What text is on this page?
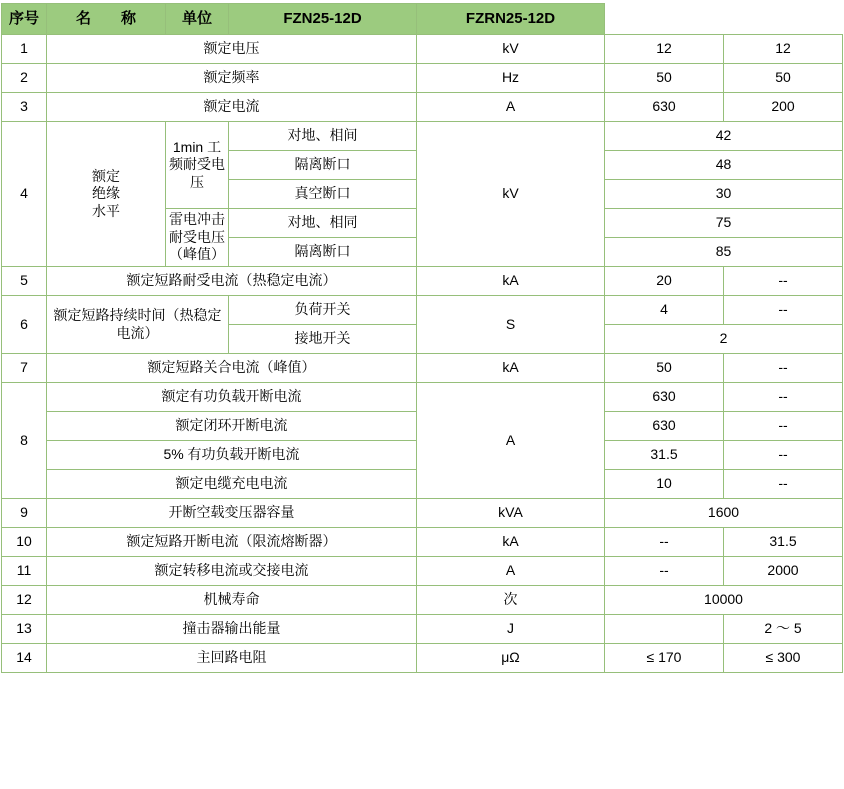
序号	名　　称	单位	FZN25-12D	FZRN25-12D		
1	额定电压			kV	12	12
2	额定频率			Hz	50	50
3	额定电流			A	630	200
4	额定绝缘水平	1min 工频耐受电压	对地、相间	kV	42	
			隔离断口		48	
			真空断口		30	
		雷电冲击耐受电压（峰值）	对地、相同		75	
			隔离断口		85	
5	额定短路耐受电流（热稳定电流）			kA	20	--
6	额定短路持续时间（热稳定电流）		负荷开关	S	4	--
			接地开关		2	
7	额定短路关合电流（峰值）			kA	50	--
8	额定有功负载开断电流			A	630	--
	额定闭环开断电流				630	--
	5% 有功负载开断电流				31.5	--
	额定电缆充电电流				10	--
9	开断空载变压器容量			kVA	1600	
10	额定短路开断电流（限流熔断器）			kA	--	31.5
11	额定转移电流或交接电流			A	--	2000
12	机械寿命			次	10000	
13	撞击器输出能量			J		2 ～ 5
14	主回路电阻			μΩ	≤ 170	≤ 300
